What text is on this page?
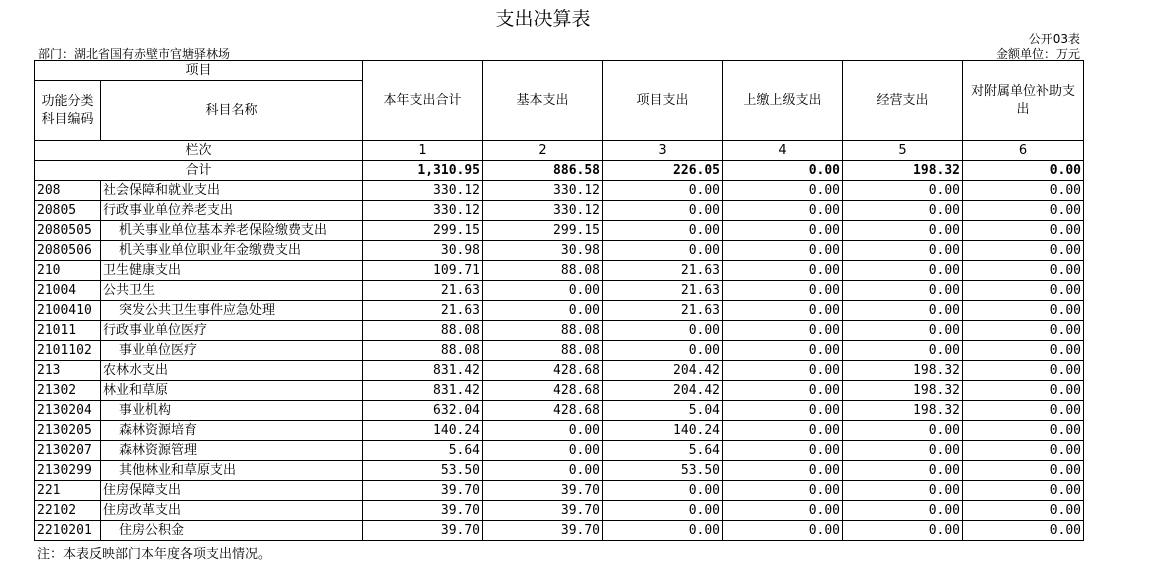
支出决算表
公开03表
部门：湖北省国有赤壁市官塘驿林场	金额单位：万元
项目		本年支出合计	基本支出	项目支出	上缴上级支出	经营支出	对附属单位补助支出
功能分类科目编码	科目名称						
栏次		1	2	3	4	5	6
合计		1,310.95	886.58	226.05	0.00	198.32	0.00
208	社会保障和就业支出	330.12	330.12	0.00	0.00	0.00	0.00
20805	行政事业单位养老支出	330.12	330.12	0.00	0.00	0.00	0.00
2080505	机关事业单位基本养老保险缴费支出	299.15	299.15	0.00	0.00	0.00	0.00
2080506	机关事业单位职业年金缴费支出	30.98	30.98	0.00	0.00	0.00	0.00
210	卫生健康支出	109.71	88.08	21.63	0.00	0.00	0.00
21004	公共卫生	21.63	0.00	21.63	0.00	0.00	0.00
2100410	突发公共卫生事件应急处理	21.63	0.00	21.63	0.00	0.00	0.00
21011	行政事业单位医疗	88.08	88.08	0.00	0.00	0.00	0.00
2101102	事业单位医疗	88.08	88.08	0.00	0.00	0.00	0.00
213	农林水支出	831.42	428.68	204.42	0.00	198.32	0.00
21302	林业和草原	831.42	428.68	204.42	0.00	198.32	0.00
2130204	事业机构	632.04	428.68	5.04	0.00	198.32	0.00
2130205	森林资源培育	140.24	0.00	140.24	0.00	0.00	0.00
2130207	森林资源管理	5.64	0.00	5.64	0.00	0.00	0.00
2130299	其他林业和草原支出	53.50	0.00	53.50	0.00	0.00	0.00
221	住房保障支出	39.70	39.70	0.00	0.00	0.00	0.00
22102	住房改革支出	39.70	39.70	0.00	0.00	0.00	0.00
2210201	住房公积金	39.70	39.70	0.00	0.00	0.00	0.00
注：本表反映部门本年度各项支出情况。
